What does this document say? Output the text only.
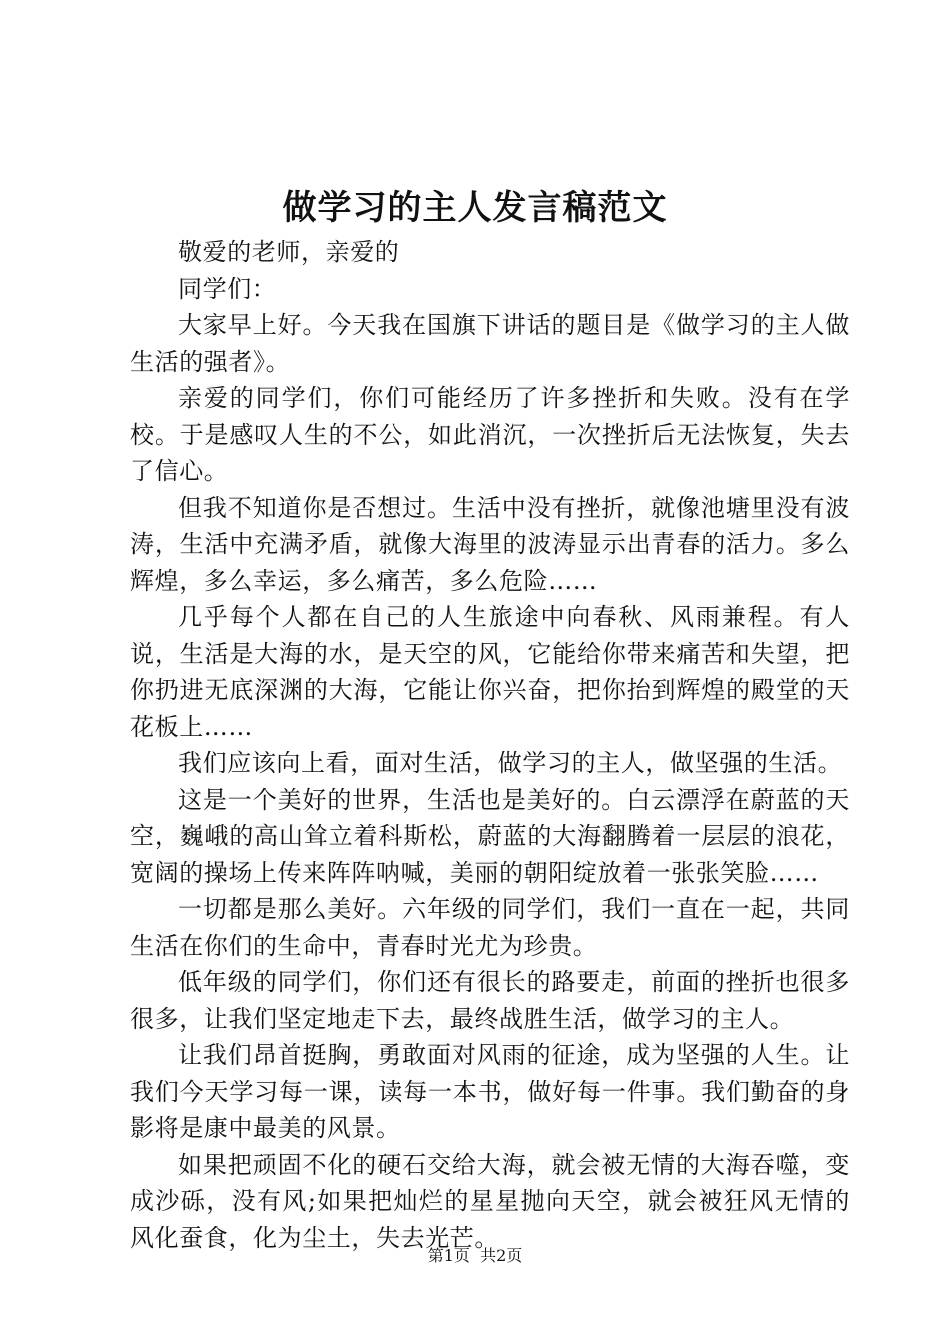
做学习的主人发言稿范文

敬爱的老师，亲爱的

同学们：

大家早上好。今天我在国旗下讲话的题目是《做学习的主人做生活的强者》。

亲爱的同学们，你们可能经历了许多挫折和失败。没有在学校。于是感叹人生的不公，如此消沉，一次挫折后无法恢复，失去了信心。

但我不知道你是否想过。生活中没有挫折，就像池塘里没有波涛，生活中充满矛盾，就像大海里的波涛显示出青春的活力。多么辉煌，多么幸运，多么痛苦，多么危险……

几乎每个人都在自己的人生旅途中向春秋、风雨兼程。有人说，生活是大海的水，是天空的风，它能给你带来痛苦和失望，把你扔进无底深渊的大海，它能让你兴奋，把你抬到辉煌的殿堂的天花板上……

我们应该向上看，面对生活，做学习的主人，做坚强的生活。

这是一个美好的世界，生活也是美好的。白云漂浮在蔚蓝的天空，巍峨的高山耸立着科斯松，蔚蓝的大海翻腾着一层层的浪花，宽阔的操场上传来阵阵呐喊，美丽的朝阳绽放着一张张笑脸……

一切都是那么美好。六年级的同学们，我们一直在一起，共同生活在你们的生命中，青春时光尤为珍贵。

低年级的同学们，你们还有很长的路要走，前面的挫折也很多很多，让我们坚定地走下去，最终战胜生活，做学习的主人。

让我们昂首挺胸，勇敢面对风雨的征途，成为坚强的人生。让我们今天学习每一课，读每一本书，做好每一件事。我们勤奋的身影将是康中最美的风景。

如果把顽固不化的硬石交给大海，就会被无情的大海吞噬，变成沙砾，没有风;如果把灿烂的星星抛向天空，就会被狂风无情的风化蚕食，化为尘土，失去光芒。

第1页  共2页
